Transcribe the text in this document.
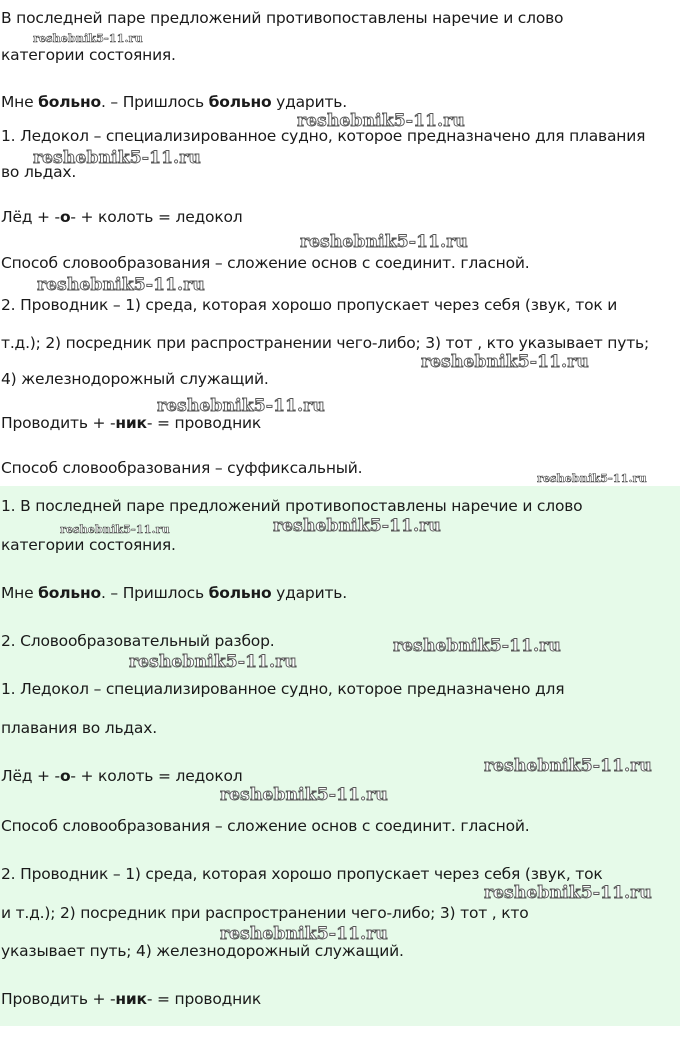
В последней паре предложений противопоставлены наречие и слово
reshebnik5-11.ru
категории состояния.
Мне больно. – Пришлось больно ударить.
reshebnik5-11.ru
1. Ледокол – специализированное судно, которое предназначено для плавания
reshebnik5-11.ru
во льдах.
Лёд + -о- + колоть = ледокол
reshebnik5-11.ru
Способ словообразования – сложение основ с соединит. гласной.
reshebnik5-11.ru
2. Проводник – 1) среда, которая хорошо пропускает через себя (звук, ток и
т.д.); 2) посредник при распространении чего-либо; 3) тот , кто указывает путь;
reshebnik5-11.ru
4) железнодорожный служащий.
reshebnik5-11.ru
Проводить + -ник- = проводник
Способ словообразования – суффиксальный.
reshebnik5-11.ru
1. В последней паре предложений противопоставлены наречие и слово
reshebnik5-11.ru	reshebnik5-11.ru
категории состояния.
Мне больно. – Пришлось больно ударить.
2. Словообразовательный разбор.	reshebnik5-11.ru
reshebnik5-11.ru
1. Ледокол – специализированное судно, которое предназначено для
плавания во льдах.
reshebnik5-11.ru
Лёд + -о- + колоть = ледокол
reshebnik5-11.ru
Способ словообразования – сложение основ с соединит. гласной.
2. Проводник – 1) среда, которая хорошо пропускает через себя (звук, ток
reshebnik5-11.ru
и т.д.); 2) посредник при распространении чего-либо; 3) тот , кто
reshebnik5-11.ru
указывает путь; 4) железнодорожный служащий.
Проводить + -ник- = проводник
